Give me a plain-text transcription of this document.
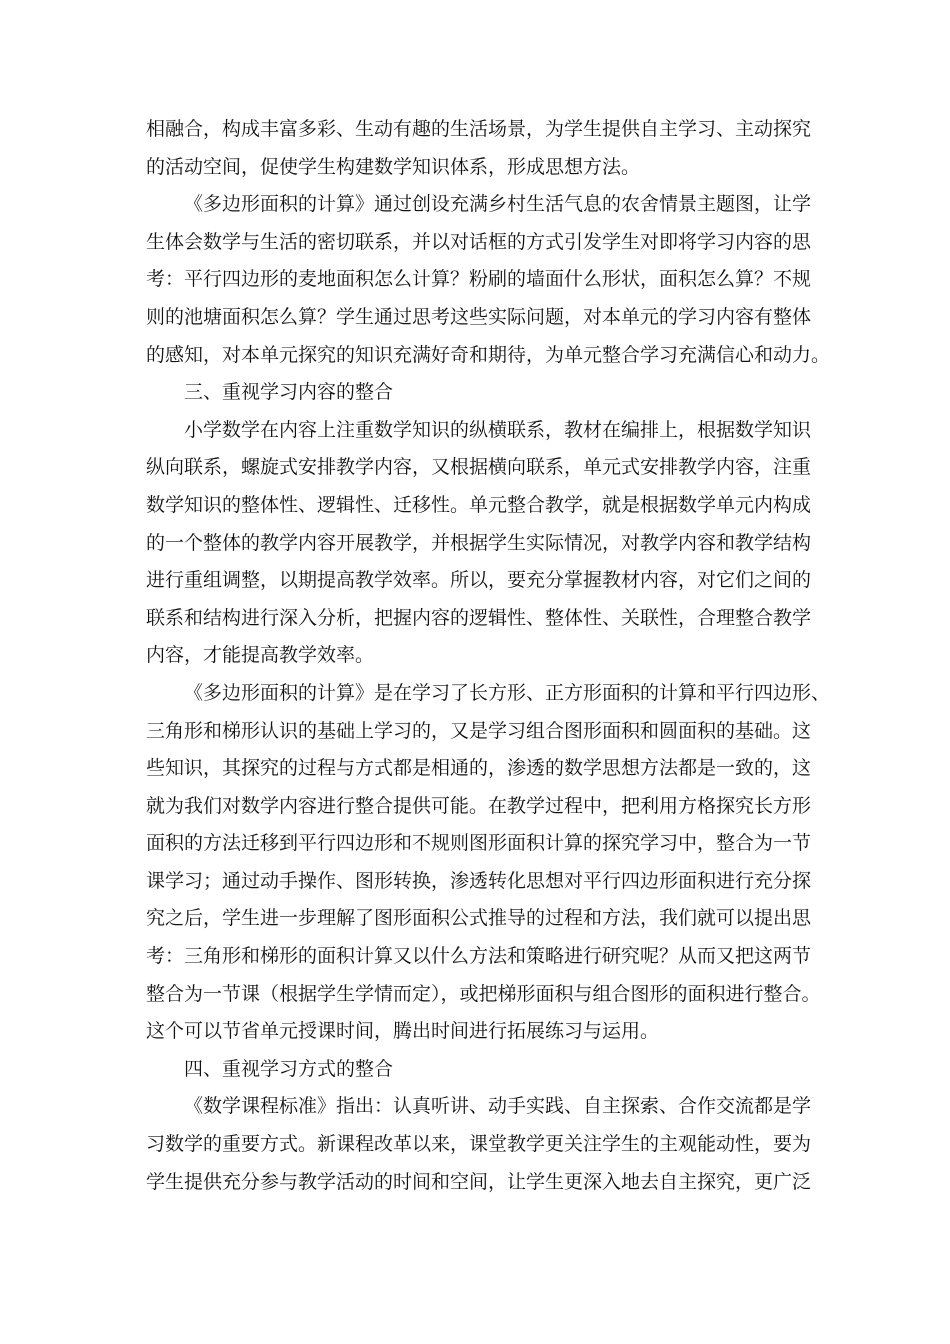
相融合，构成丰富多彩、生动有趣的生活场景，为学生提供自主学习、主动探究
的活动空间，促使学生构建数学知识体系，形成思想方法。
《多边形面积的计算》通过创设充满乡村生活气息的农舍情景主题图，让学
生体会数学与生活的密切联系，并以对话框的方式引发学生对即将学习内容的思
考：平行四边形的麦地面积怎么计算？粉刷的墙面什么形状，面积怎么算？不规
则的池塘面积怎么算？学生通过思考这些实际问题，对本单元的学习内容有整体
的感知，对本单元探究的知识充满好奇和期待，为单元整合学习充满信心和动力。
三、重视学习内容的整合
小学数学在内容上注重数学知识的纵横联系，教材在编排上，根据数学知识
纵向联系，螺旋式安排教学内容，又根据横向联系，单元式安排教学内容，注重
数学知识的整体性、逻辑性、迁移性。单元整合教学，就是根据数学单元内构成
的一个整体的教学内容开展教学，并根据学生实际情况，对教学内容和教学结构
进行重组调整，以期提高教学效率。所以，要充分掌握教材内容，对它们之间的
联系和结构进行深入分析，把握内容的逻辑性、整体性、关联性，合理整合教学
内容，才能提高教学效率。
《多边形面积的计算》是在学习了长方形、正方形面积的计算和平行四边形、
三角形和梯形认识的基础上学习的，又是学习组合图形面积和圆面积的基础。这
些知识，其探究的过程与方式都是相通的，渗透的数学思想方法都是一致的，这
就为我们对数学内容进行整合提供可能。在教学过程中，把利用方格探究长方形
面积的方法迁移到平行四边形和不规则图形面积计算的探究学习中，整合为一节
课学习；通过动手操作、图形转换，渗透转化思想对平行四边形面积进行充分探
究之后，学生进一步理解了图形面积公式推导的过程和方法，我们就可以提出思
考：三角形和梯形的面积计算又以什么方法和策略进行研究呢？从而又把这两节
整合为一节课（根据学生学情而定），或把梯形面积与组合图形的面积进行整合。
这个可以节省单元授课时间，腾出时间进行拓展练习与运用。
四、重视学习方式的整合
《数学课程标准》指出：认真听讲、动手实践、自主探索、合作交流都是学
习数学的重要方式。新课程改革以来，课堂教学更关注学生的主观能动性，要为
学生提供充分参与教学活动的时间和空间，让学生更深入地去自主探究，更广泛
